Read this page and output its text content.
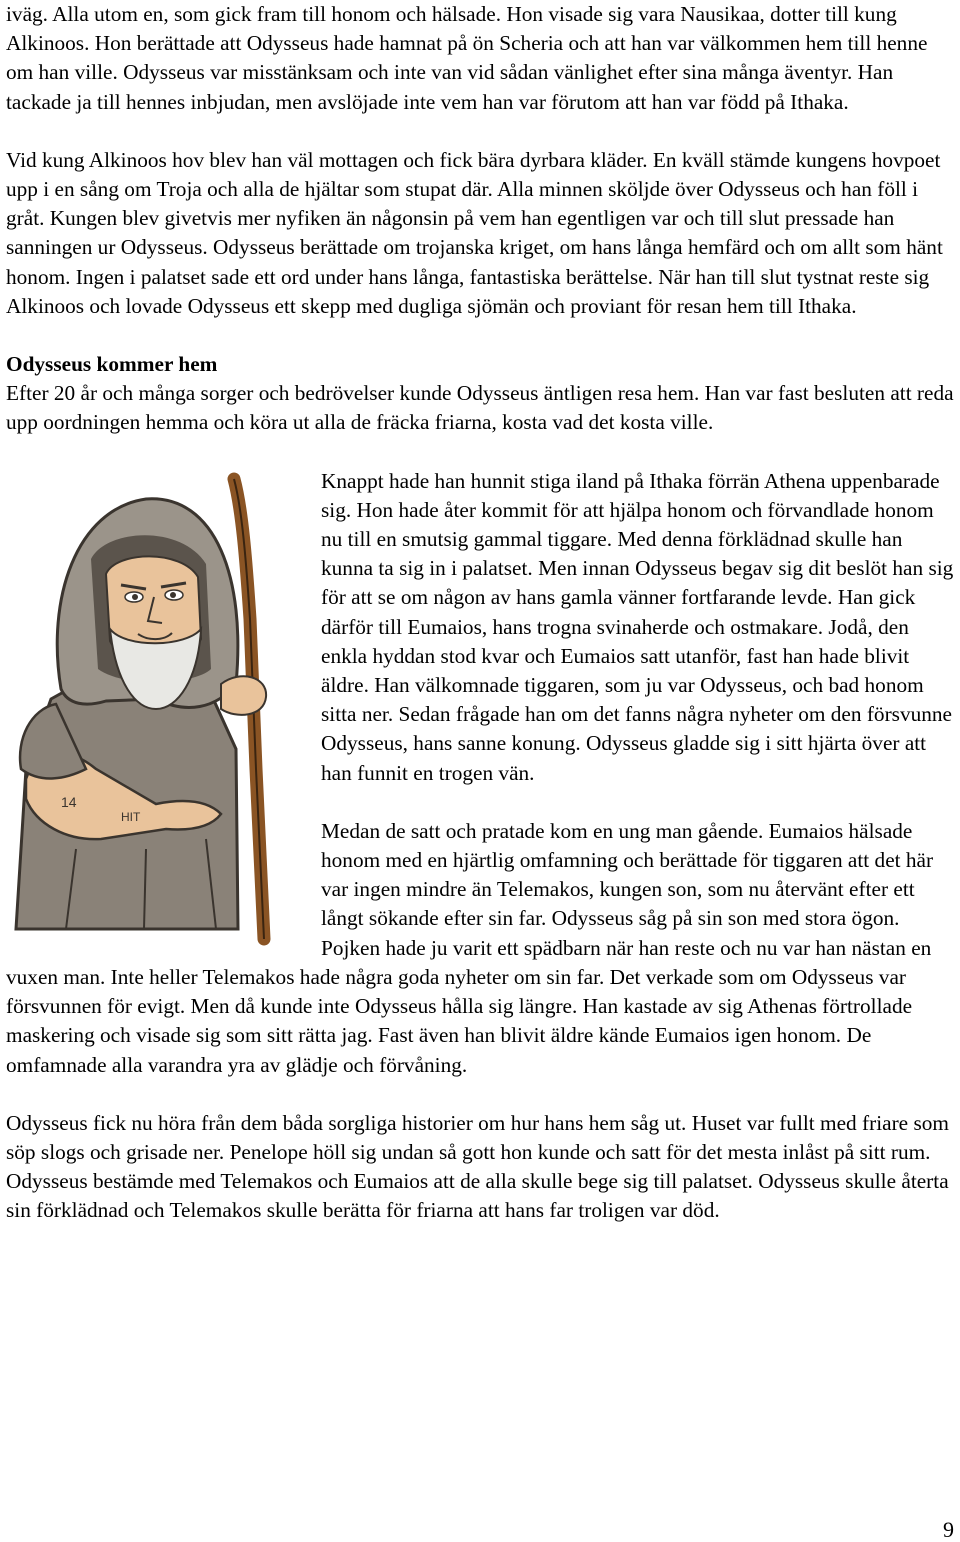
iväg. Alla utom en, som gick fram till honom och hälsade. Hon visade sig vara Nausikaa, dotter till kung Alkinoos. Hon berättade att Odysseus hade hamnat på ön Scheria och att han var välkommen hem till henne om han ville. Odysseus var misstänksam och inte van vid sådan vänlighet efter sina många äventyr. Han tackade ja till hennes inbjudan, men avslöjade inte vem han var förutom att han var född på Ithaka.

Vid kung Alkinoos hov blev han väl mottagen och fick bära dyrbara kläder. En kväll stämde kungens hovpoet upp i en sång om Troja och alla de hjältar som stupat där. Alla minnen sköljde över Odysseus och han föll i gråt. Kungen blev givetvis mer nyfiken än någonsin på vem han egentligen var och till slut pressade han sanningen ur Odysseus. Odysseus berättade om trojanska kriget, om hans långa hemfärd och om allt som hänt honom. Ingen i palatset sade ett ord under hans långa, fantastiska berättelse. När han till slut tystnat reste sig Alkinoos och lovade Odysseus ett skepp med dugliga sjömän och proviant för resan hem till Ithaka.

Odysseus kommer hem

Efter 20 år och många sorger och bedrövelser kunde Odysseus äntligen resa hem. Han var fast besluten att reda upp oordningen hemma och köra ut alla de fräcka friarna, kosta vad det kosta ville.

14
HIT

Knappt hade han hunnit stiga iland på Ithaka förrän Athena uppenbarade sig. Hon hade åter kommit för att hjälpa honom och förvandlade honom nu till en smutsig gammal tiggare. Med denna förklädnad skulle han kunna ta sig in i palatset. Men innan Odysseus begav sig dit beslöt han sig för att se om någon av hans gamla vänner fortfarande levde. Han gick därför till Eumaios, hans trogna svinaherde och ostmakare. Jodå, den enkla hyddan stod kvar och Eumaios satt utanför, fast han hade blivit äldre. Han välkomnade tiggaren, som ju var Odysseus, och bad honom sitta ner. Sedan frågade han om det fanns några nyheter om den försvunne Odysseus, hans sanne konung. Odysseus gladde sig i sitt hjärta över att han funnit en trogen vän.

Medan de satt och pratade kom en ung man gående. Eumaios hälsade honom med en hjärtlig omfamning och berättade för tiggaren att det här var ingen mindre än Telemakos, kungen son, som nu återvänt efter ett långt sökande efter sin far. Odysseus såg på sin son med stora ögon. Pojken hade ju varit ett spädbarn när han reste och nu var han nästan en vuxen man. Inte heller Telemakos hade några goda nyheter om sin far. Det verkade som om Odysseus var försvunnen för evigt. Men då kunde inte Odysseus hålla sig längre. Han kastade av sig Athenas förtrollade maskering och visade sig som sitt rätta jag. Fast även han blivit äldre kände Eumaios igen honom. De omfamnade alla varandra yra av glädje och förvåning.

Odysseus fick nu höra från dem båda sorgliga historier om hur hans hem såg ut. Huset var fullt med friare som söp slogs och grisade ner. Penelope höll sig undan så gott hon kunde och satt för det mesta inlåst på sitt rum. Odysseus bestämde med Telemakos och Eumaios att de alla skulle bege sig till palatset. Odysseus skulle återta sin förklädnad och Telemakos skulle berätta för friarna att hans far troligen var död.

9
